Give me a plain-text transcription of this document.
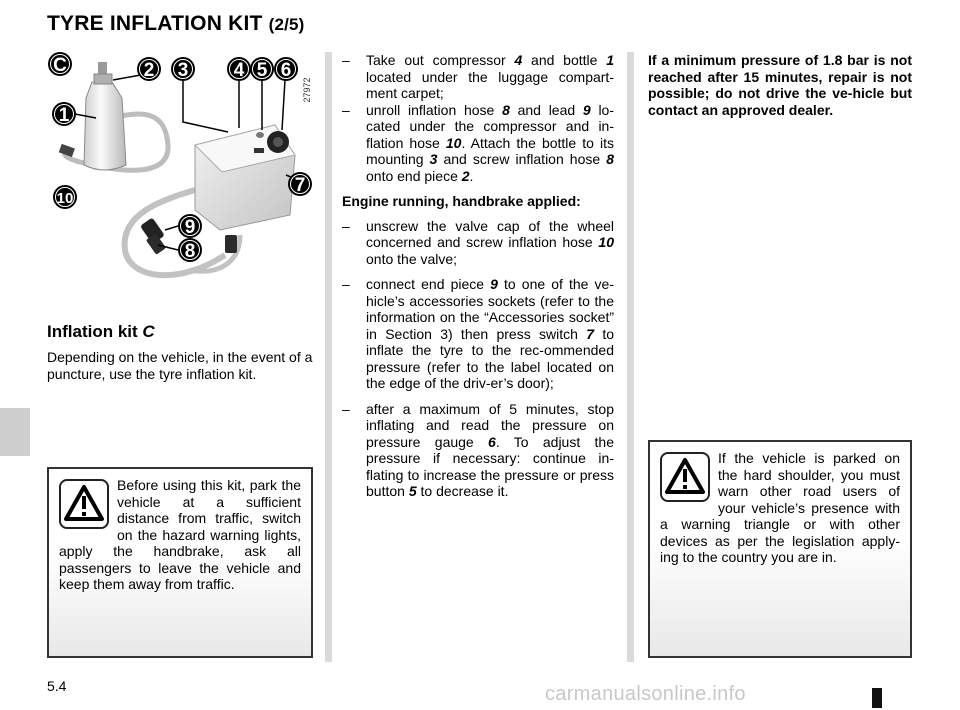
TYRE INFLATION KIT (2/5)
C	2 3 4 5 6
1
7
10
9
8
27972
Inflation kit C
Depending on the vehicle, in the event of a puncture, use the tyre inflation kit.
Before using this kit, park the vehicle at a sufficient distance from traffic, switch on the hazard warning lights, apply the handbrake, ask all passengers to leave the vehicle and keep them away from traffic.
– Take out compressor 4 and bottle 1 located under the luggage compart-ment carpet;
– unroll inflation hose 8 and lead 9 lo-cated under the compressor and in-flation hose 10. Attach the bottle to its mounting 3 and screw inflation hose 8 onto end piece 2.
Engine running, handbrake applied:
– unscrew the valve cap of the wheel concerned and screw inflation hose 10 onto the valve;
– connect end piece 9 to one of the ve-hicle’s accessories sockets (refer to the information on the “Accessories socket” in Section 3) then press switch 7 to inflate the tyre to the rec-ommended pressure (refer to the label located on the edge of the driv-er’s door);
– after a maximum of 5 minutes, stop inflating and read the pressure on pressure gauge 6. To adjust the pressure if necessary: continue in-flating to increase the pressure or press button 5 to decrease it.
If a minimum pressure of 1.8 bar is not reached after 15 minutes, repair is not possible; do not drive the ve-hicle but contact an approved dealer.
If the vehicle is parked on the hard shoulder, you must warn other road users of your vehicle’s presence with a warning triangle or with other devices as per the legislation apply-ing to the country you are in.
5.4	carmanualsonline.info
